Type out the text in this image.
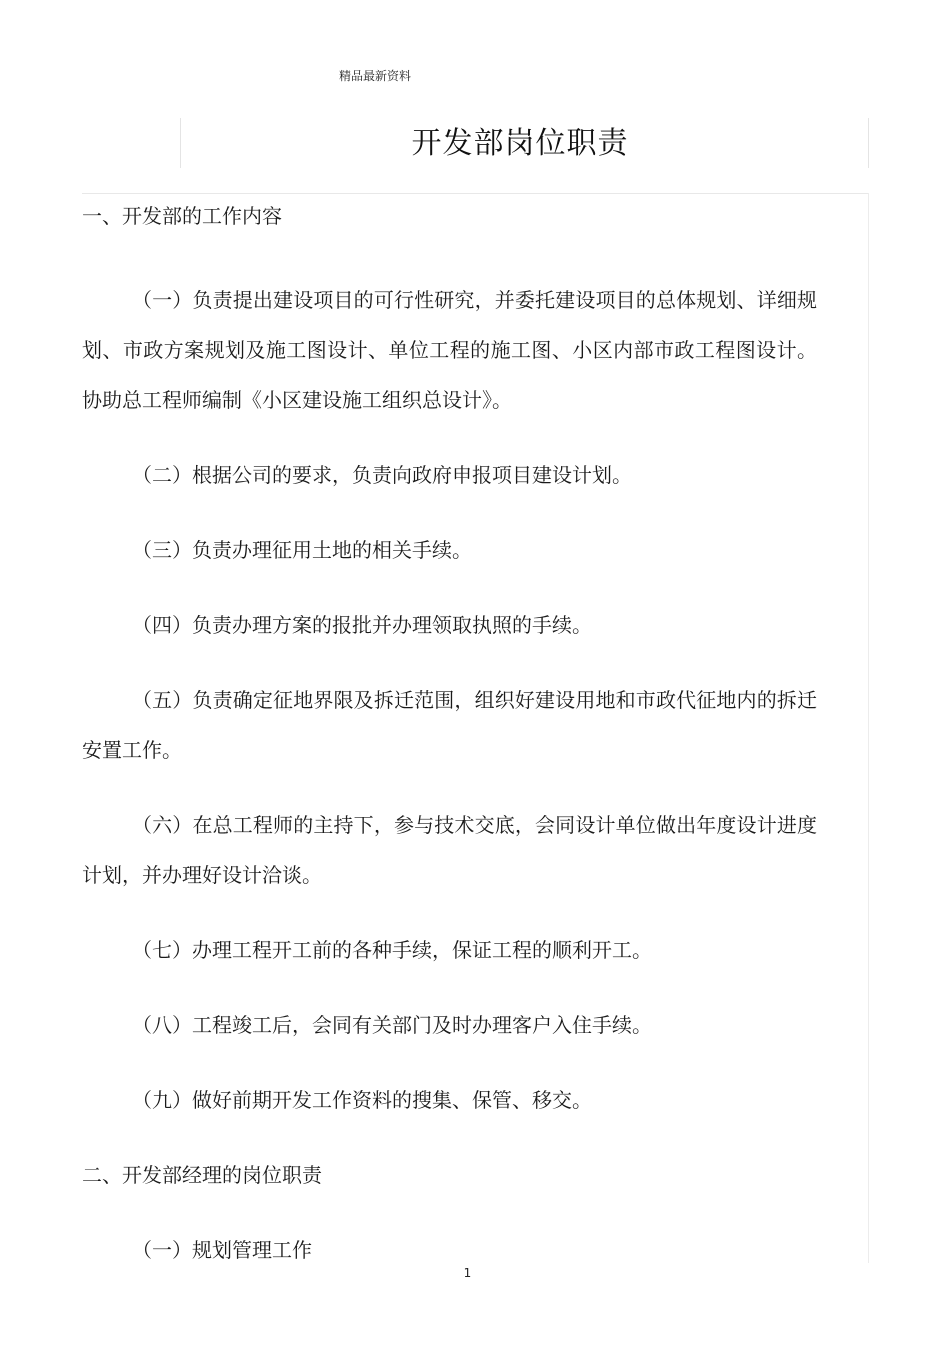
精品最新资料
开发部岗位职责

一、开发部的工作内容

（一）负责提出建设项目的可行性研究，并委托建设项目的总体规划、详细规划、市政方案规划及施工图设计、单位工程的施工图、小区内部市政工程图设计。协助总工程师编制《小区建设施工组织总设计》。

（二）根据公司的要求，负责向政府申报项目建设计划。

（三）负责办理征用土地的相关手续。

（四）负责办理方案的报批并办理领取执照的手续。

（五）负责确定征地界限及拆迁范围，组织好建设用地和市政代征地内的拆迁安置工作。

（六）在总工程师的主持下，参与技术交底，会同设计单位做出年度设计进度计划，并办理好设计洽谈。

（七）办理工程开工前的各种手续，保证工程的顺利开工。

（八）工程竣工后，会同有关部门及时办理客户入住手续。

（九）做好前期开发工作资料的搜集、保管、移交。

二、开发部经理的岗位职责

（一）规划管理工作

1
